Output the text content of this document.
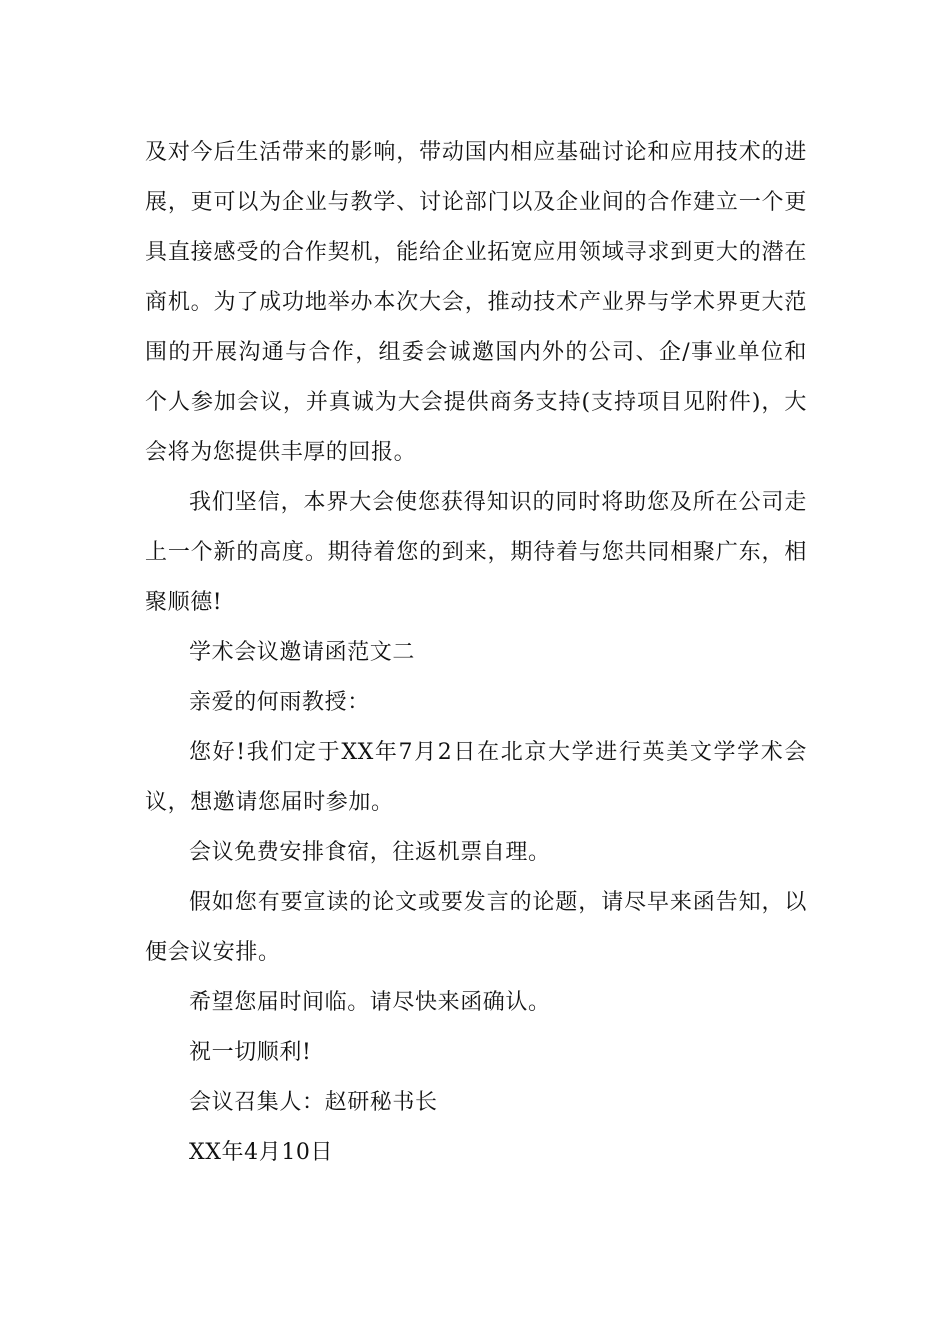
及对今后生活带来的影响，带动国内相应基础讨论和应用技术的进展，更可以为企业与教学、讨论部门以及企业间的合作建立一个更具直接感受的合作契机，能给企业拓宽应用领域寻求到更大的潜在商机。为了成功地举办本次大会，推动技术产业界与学术界更大范围的开展沟通与合作，组委会诚邀国内外的公司、企/事业单位和个人参加会议，并真诚为大会提供商务支持(支持项目见附件)，大会将为您提供丰厚的回报。

我们坚信，本界大会使您获得知识的同时将助您及所在公司走上一个新的高度。期待着您的到来，期待着与您共同相聚广东，相聚顺德!

学术会议邀请函范文二

亲爱的何雨教授：

您好!我们定于XX年7月2日在北京大学进行英美文学学术会议，想邀请您届时参加。

会议免费安排食宿，往返机票自理。

假如您有要宣读的论文或要发言的论题，请尽早来函告知，以便会议安排。

希望您届时间临。请尽快来函确认。

祝一切顺利!

会议召集人：赵研秘书长

XX年4月10日
